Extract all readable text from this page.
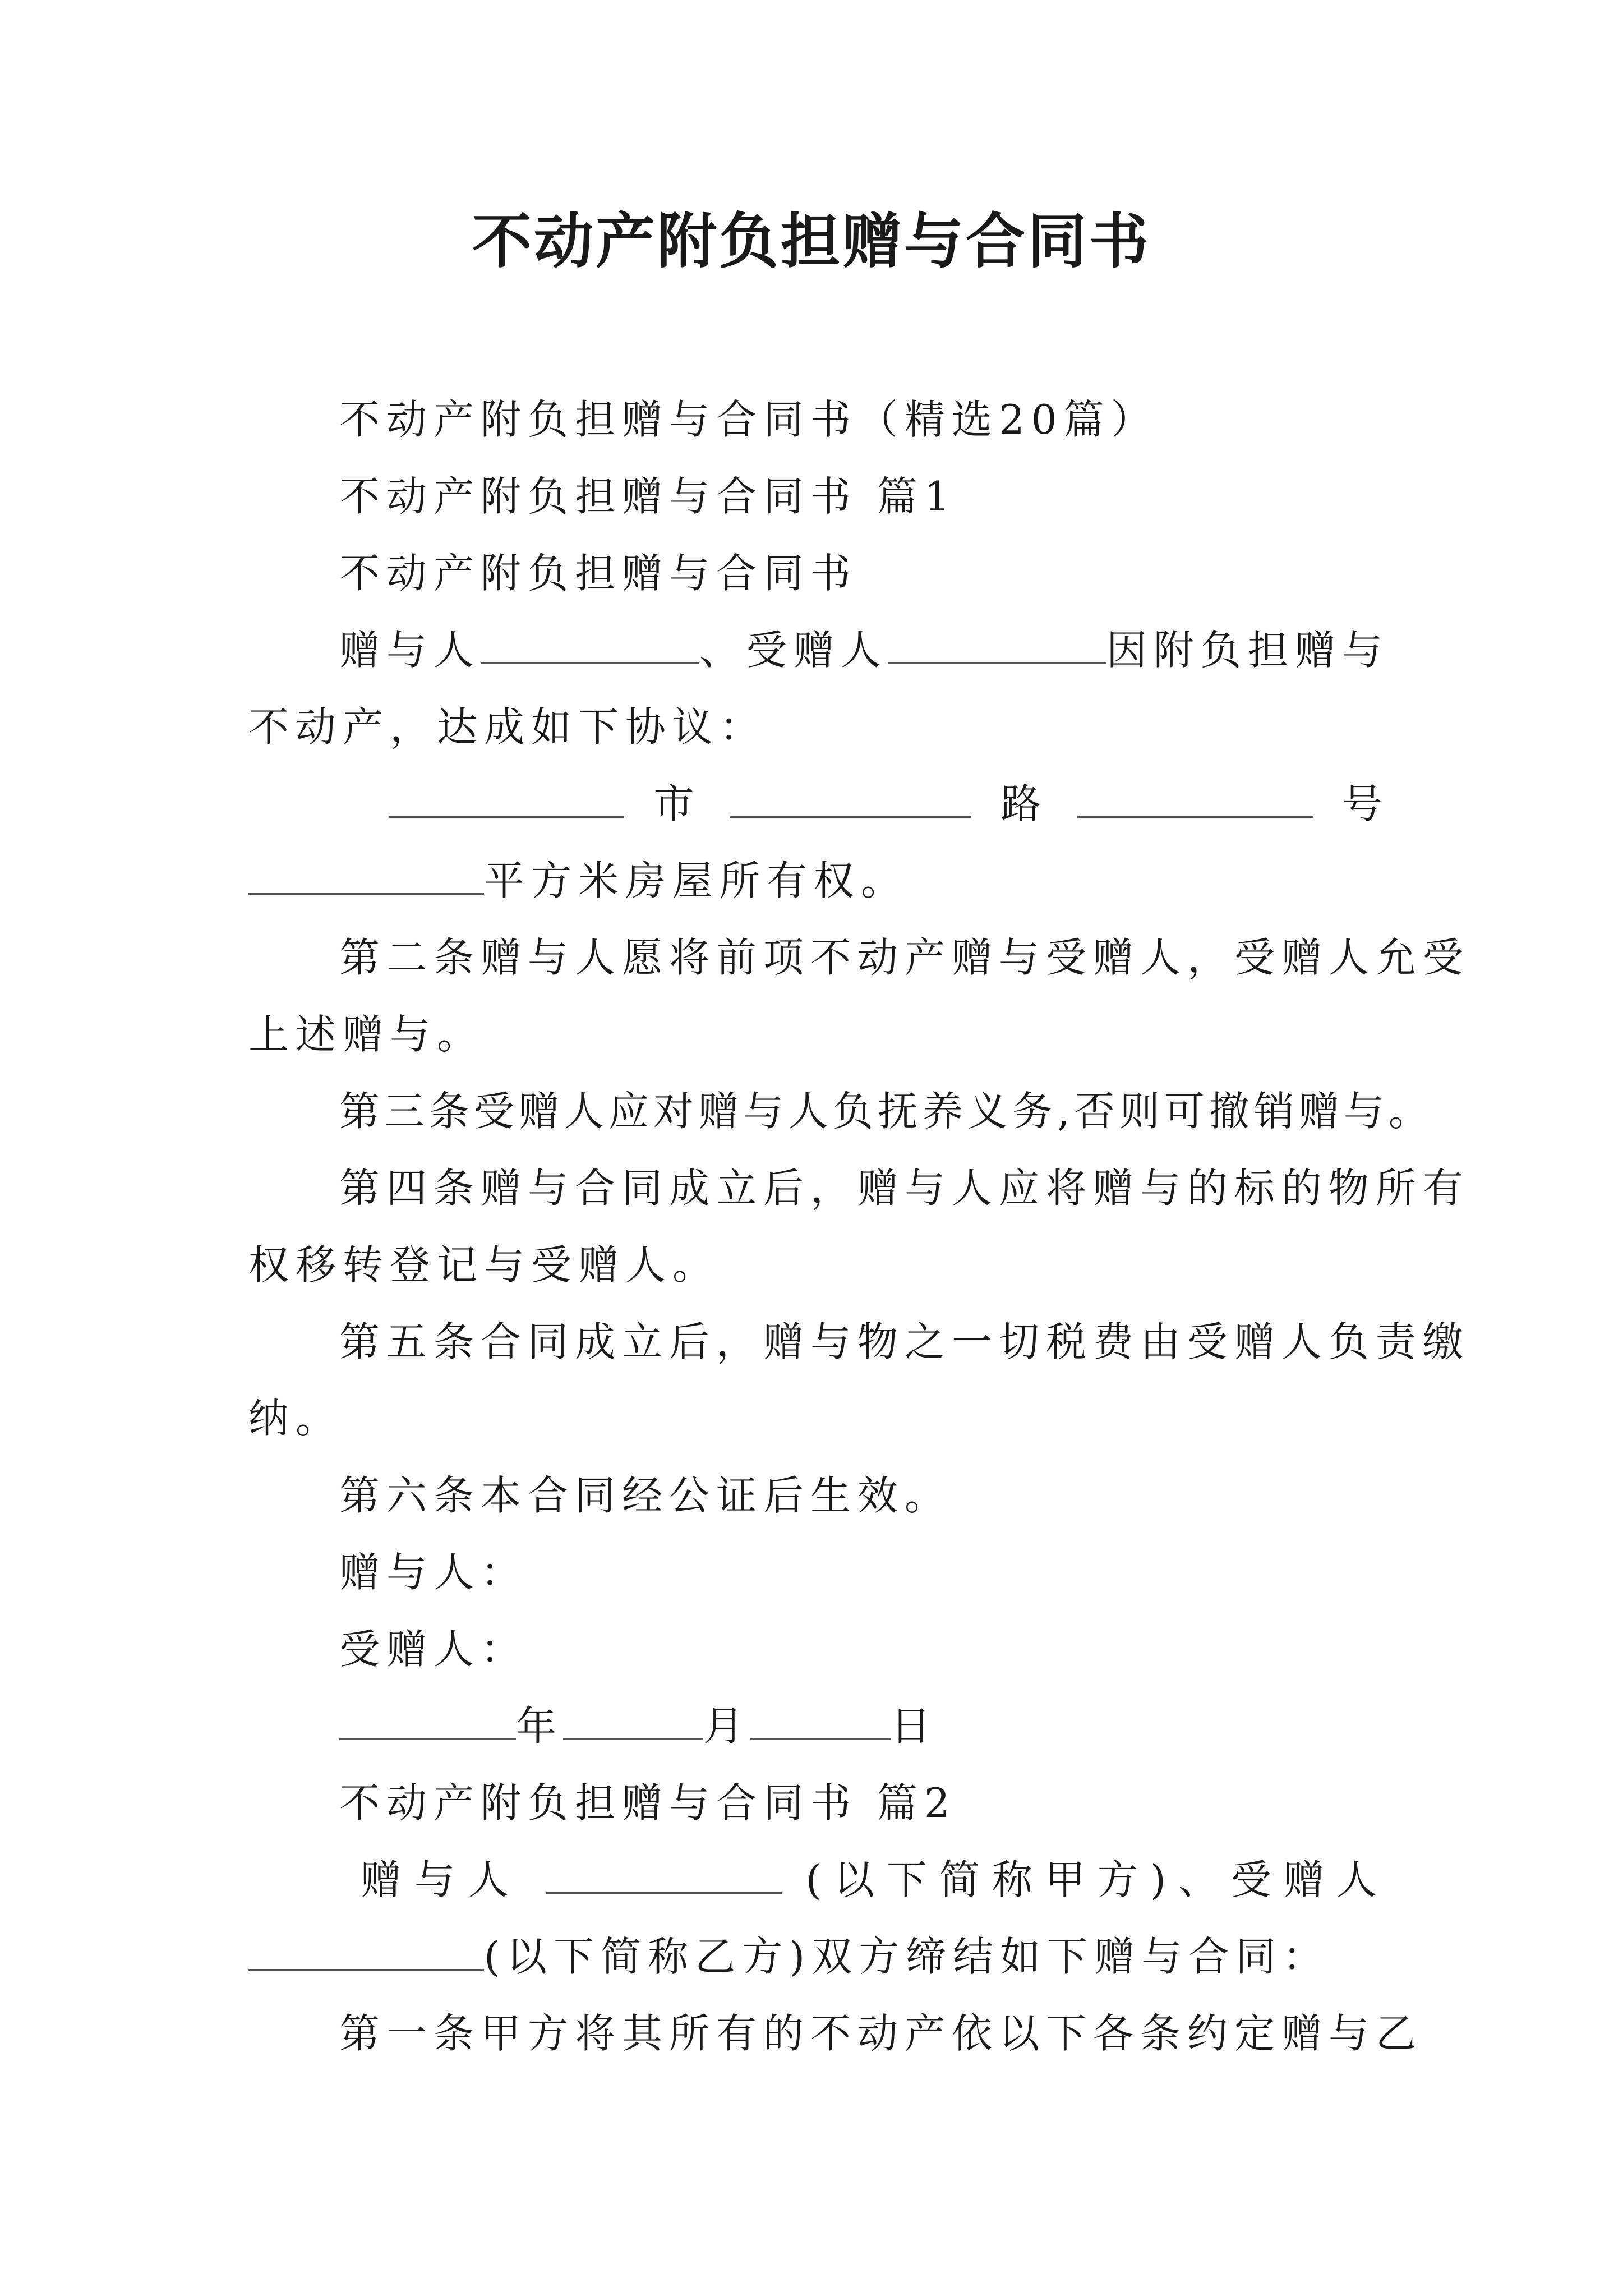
不动产附负担赠与合同书

不动产附负担赠与合同书（精选20篇）

不动产附负担赠与合同书 篇1

不动产附负担赠与合同书

赠与人	、受赠人	因附负担赠与

不动产，达成如下协议：

市	路	号
平方米房屋所有权。

第二条赠与人愿将前项不动产赠与受赠人，受赠人允受

上述赠与。

第三条受赠人应对赠与人负抚养义务,否则可撤销赠与。

第四条赠与合同成立后，赠与人应将赠与的标的物所有

权移转登记与受赠人。

第五条合同成立后，赠与物之一切税费由受赠人负责缴

纳。

第六条本合同经公证后生效。

赠与人：

受赠人：

年	月	日

不动产附负担赠与合同书 篇2

赠与人	(以下简称甲方)、受赠人
(以下简称乙方)双方缔结如下赠与合同：

第一条甲方将其所有的不动产依以下各条约定赠与乙
